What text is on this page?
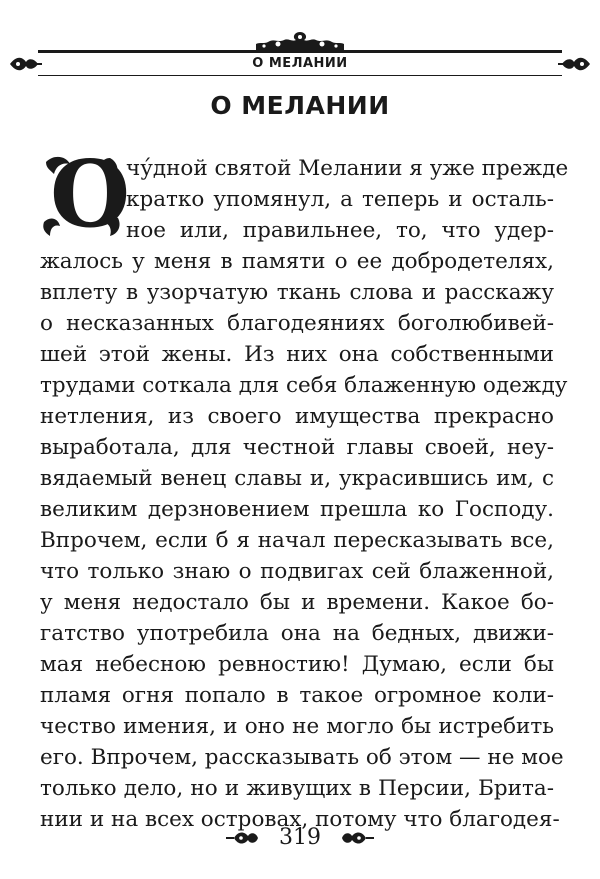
О МЕЛАНИИ
О МЕЛАНИИ
О
чу́дной святой Мелании я уже прежде
кратко упомянул, а теперь и осталь-
ное или, правильнее, то, что удер-
жалось у меня в памяти о ее добродетелях,
вплету в узорчатую ткань слова и расскажу
о несказанных благодеяниях боголюбивей-
шей этой жены. Из них она собственными
трудами соткала для себя блаженную одежду
нетления, из своего имущества прекрасно
выработала, для честной главы своей, неу-
вядаемый венец славы и, украсившись им, с
великим дерзновением прешла ко Господу.
Впрочем, если б я начал пересказывать все,
что только знаю о подвигах сей блаженной,
у меня недостало бы и времени. Какое бо-
гатство употребила она на бедных, движи-
мая небесною ревностию! Думаю, если бы
пламя огня попало в такое огромное коли-
чество имения, и оно не могло бы истребить
его. Впрочем, рассказывать об этом — не мое
только дело, но и живущих в Персии, Брита-
нии и на всех островах, потому что благодея-
319
